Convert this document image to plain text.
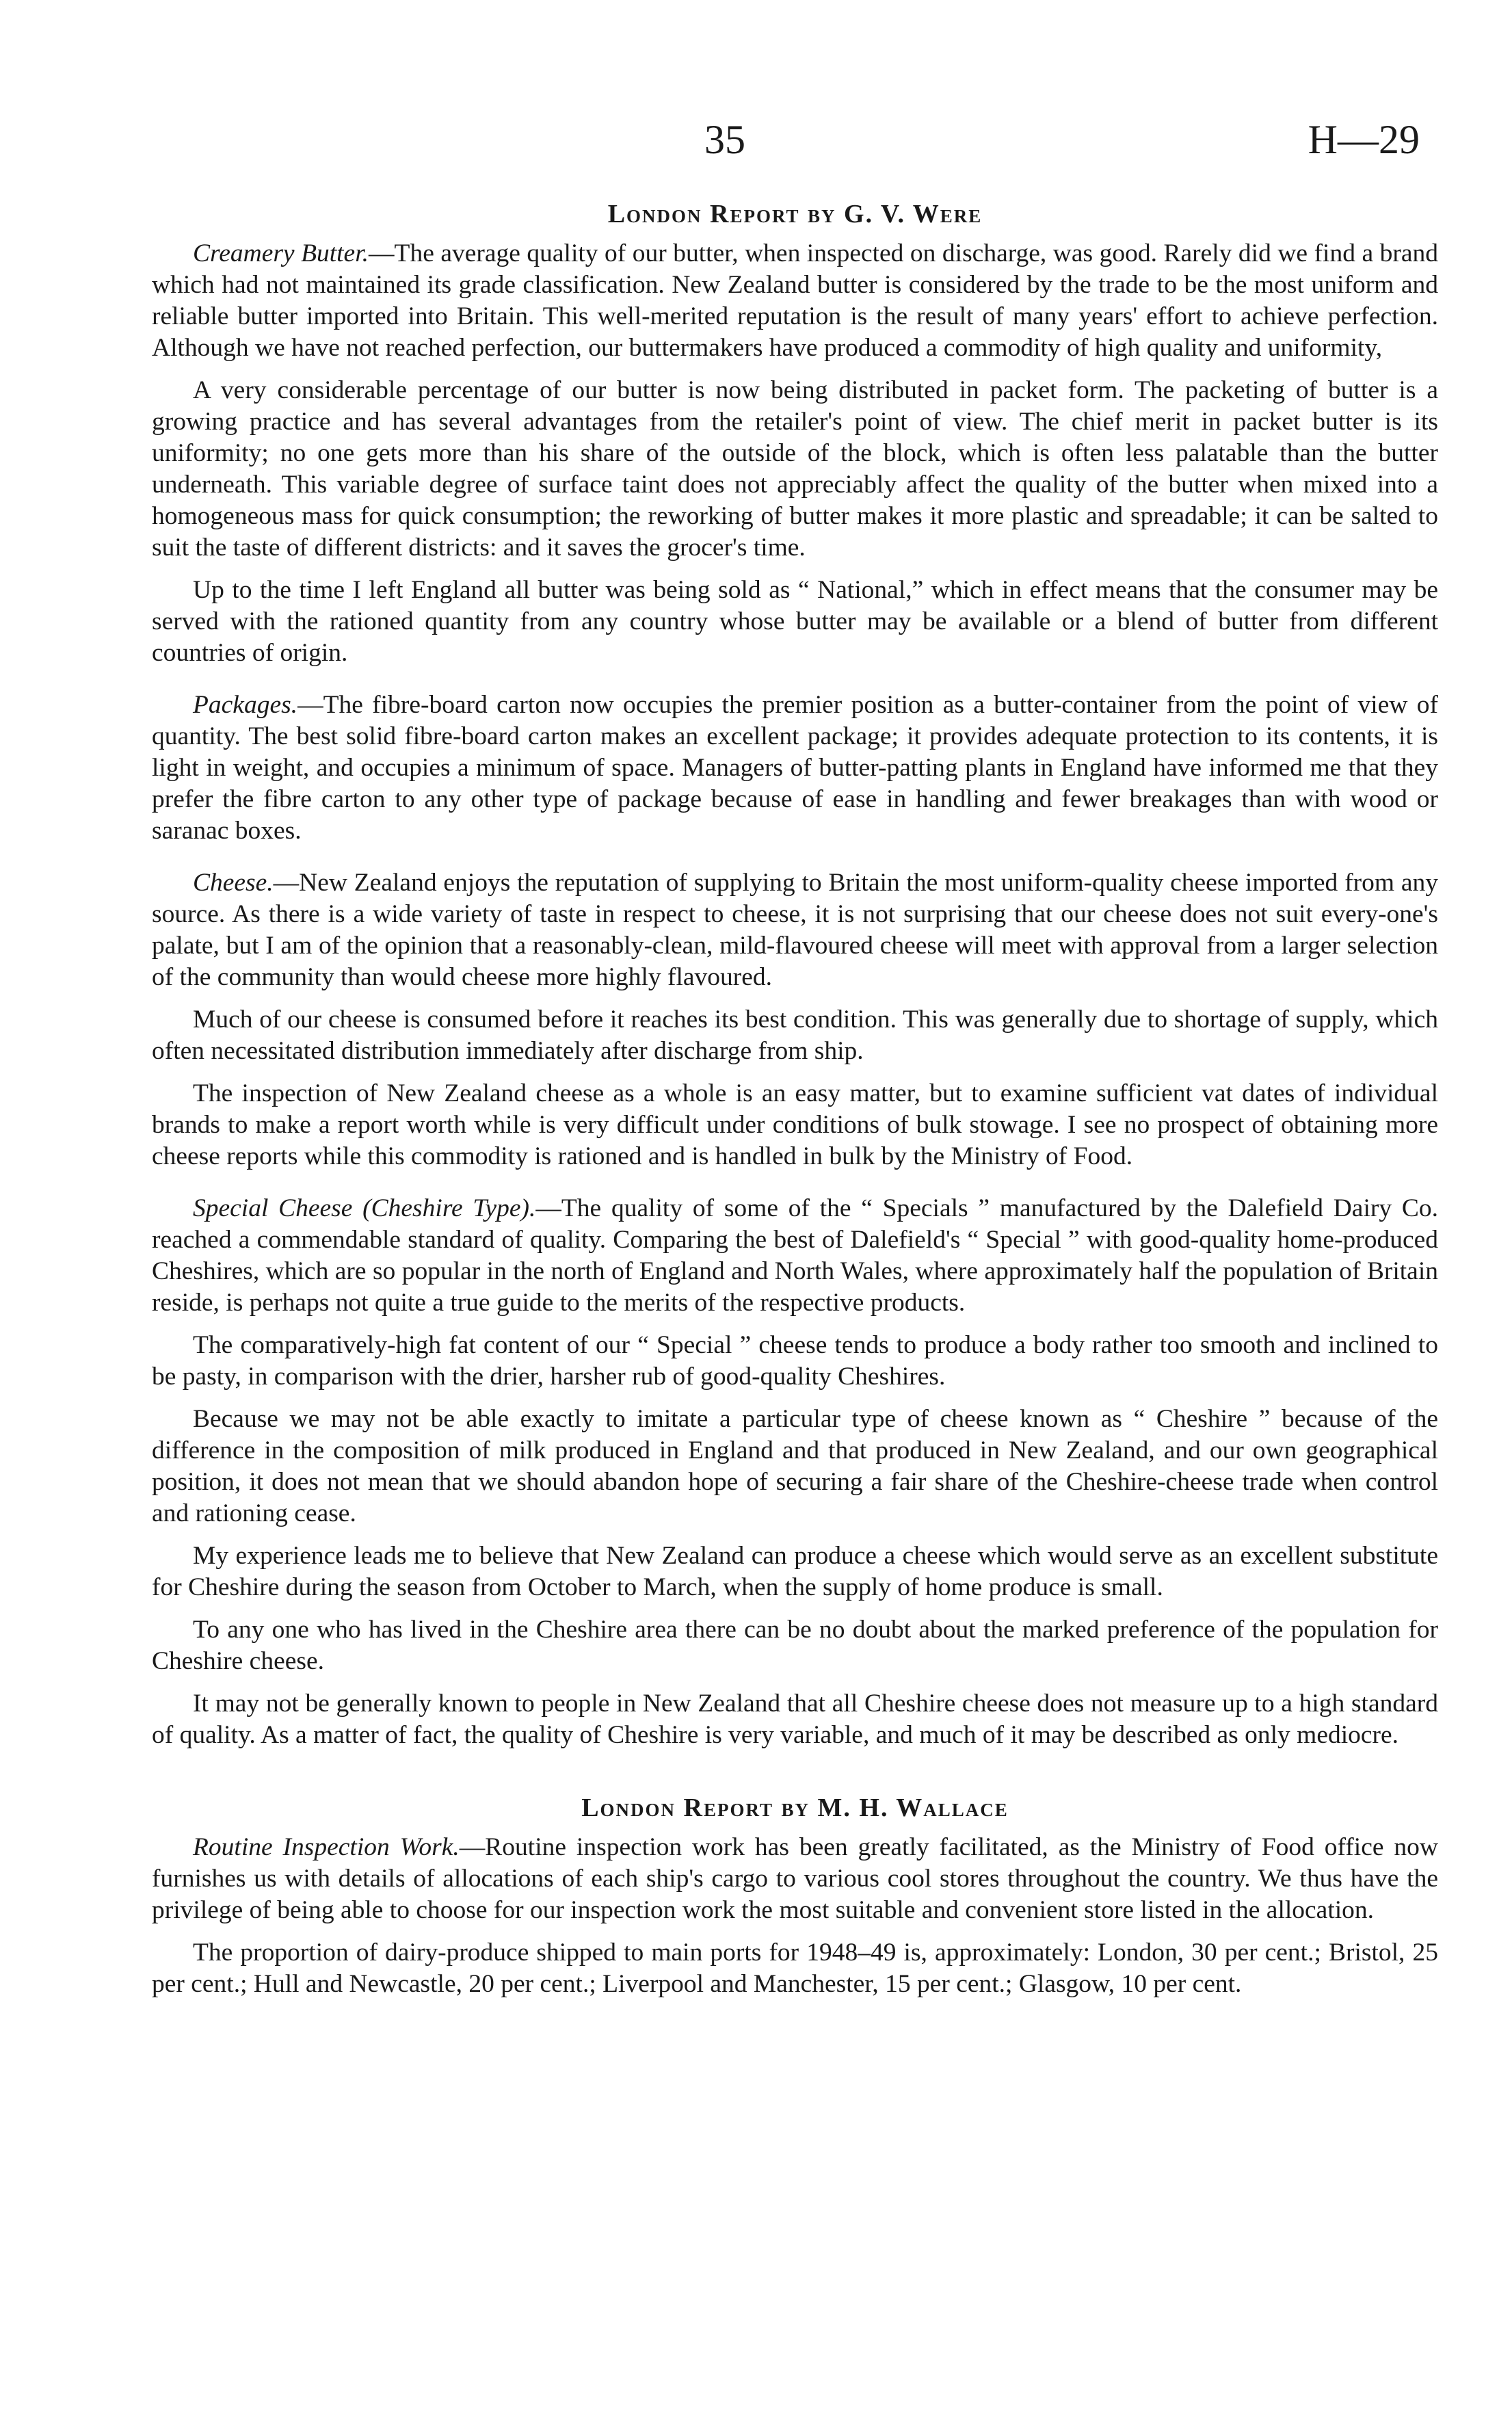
35	H—29
London Report by G. V. Were

Creamery Butter.—The average quality of our butter, when inspected on discharge, was good. Rarely did we find a brand which had not maintained its grade classification. New Zealand butter is considered by the trade to be the most uniform and reliable butter imported into Britain. This well-merited reputation is the result of many years' effort to achieve perfection. Although we have not reached perfection, our buttermakers have produced a commodity of high quality and uniformity,

A very considerable percentage of our butter is now being distributed in packet form. The packeting of butter is a growing practice and has several advantages from the retailer's point of view. The chief merit in packet butter is its uniformity; no one gets more than his share of the outside of the block, which is often less palatable than the butter underneath. This variable degree of surface taint does not appreciably affect the quality of the butter when mixed into a homogeneous mass for quick consumption; the reworking of butter makes it more plastic and spreadable; it can be salted to suit the taste of different districts: and it saves the grocer's time.

Up to the time I left England all butter was being sold as “ National,” which in effect means that the consumer may be served with the rationed quantity from any country whose butter may be available or a blend of butter from different countries of origin.

Packages.—The fibre-board carton now occupies the premier position as a butter-container from the point of view of quantity. The best solid fibre-board carton makes an excellent package; it provides adequate protection to its contents, it is light in weight, and occupies a minimum of space. Managers of butter-patting plants in England have informed me that they prefer the fibre carton to any other type of package because of ease in handling and fewer breakages than with wood or saranac boxes.

Cheese.—New Zealand enjoys the reputation of supplying to Britain the most uniform-quality cheese imported from any source. As there is a wide variety of taste in respect to cheese, it is not surprising that our cheese does not suit every-one's palate, but I am of the opinion that a reasonably-clean, mild-flavoured cheese will meet with approval from a larger selection of the community than would cheese more highly flavoured.

Much of our cheese is consumed before it reaches its best condition. This was generally due to shortage of supply, which often necessitated distribution immediately after discharge from ship.

The inspection of New Zealand cheese as a whole is an easy matter, but to examine sufficient vat dates of individual brands to make a report worth while is very difficult under conditions of bulk stowage. I see no prospect of obtaining more cheese reports while this commodity is rationed and is handled in bulk by the Ministry of Food.

Special Cheese (Cheshire Type).—The quality of some of the “ Specials ” manufactured by the Dalefield Dairy Co. reached a commendable standard of quality. Comparing the best of Dalefield's “ Special ” with good-quality home-produced Cheshires, which are so popular in the north of England and North Wales, where approximately half the population of Britain reside, is perhaps not quite a true guide to the merits of the respective products.

The comparatively-high fat content of our “ Special ” cheese tends to produce a body rather too smooth and inclined to be pasty, in comparison with the drier, harsher rub of good-quality Cheshires.

Because we may not be able exactly to imitate a particular type of cheese known as “ Cheshire ” because of the difference in the composition of milk produced in England and that produced in New Zealand, and our own geographical position, it does not mean that we should abandon hope of securing a fair share of the Cheshire-cheese trade when control and rationing cease.

My experience leads me to believe that New Zealand can produce a cheese which would serve as an excellent substitute for Cheshire during the season from October to March, when the supply of home produce is small.

To any one who has lived in the Cheshire area there can be no doubt about the marked preference of the population for Cheshire cheese.

It may not be generally known to people in New Zealand that all Cheshire cheese does not measure up to a high standard of quality. As a matter of fact, the quality of Cheshire is very variable, and much of it may be described as only mediocre.

London Report by M. H. Wallace

Routine Inspection Work.—Routine inspection work has been greatly facilitated, as the Ministry of Food office now furnishes us with details of allocations of each ship's cargo to various cool stores throughout the country. We thus have the privilege of being able to choose for our inspection work the most suitable and convenient store listed in the allocation.

The proportion of dairy-produce shipped to main ports for 1948–49 is, approximately: London, 30 per cent.; Bristol, 25 per cent.; Hull and Newcastle, 20 per cent.; Liverpool and Manchester, 15 per cent.; Glasgow, 10 per cent.
